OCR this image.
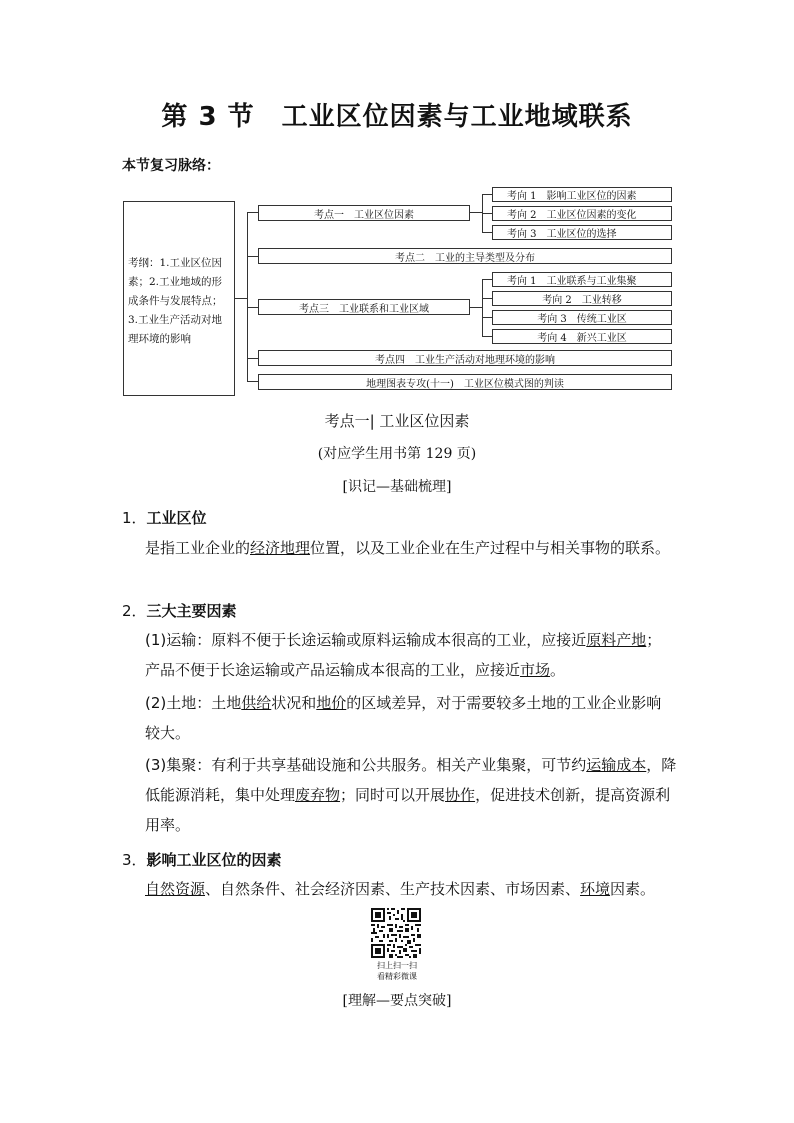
第 3 节　工业区位因素与工业地域联系
本节复习脉络：
考纲：1.工业区位因素；2.工业地域的形成条件与发展特点；3.工业生产活动对地理环境的影响
考点一　工业区位因素
考点二　工业的主导类型及分布
考点三　工业联系和工业区域
考点四　工业生产活动对地理环境的影响
地理图表专攻(十一)　工业区位模式图的判读
考向 1　影响工业区位的因素
考向 2　工业区位因素的变化
考向 3　工业区位的选择
考向 1　工业联系与工业集聚
考向 2　工业转移
考向 3　传统工业区
考向 4　新兴工业区
考点一| 工业区位因素
(对应学生用书第 129 页)
[识记—基础梳理]
1．工业区位
是指工业企业的经济地理位置，以及工业企业在生产过程中与相关事物的联系。
2．三大主要因素
(1)运输：原料不便于长途运输或原料运输成本很高的工业，应接近原料产地；产品不便于长途运输或产品运输成本很高的工业，应接近市场。
(2)土地：土地供给状况和地价的区域差异，对于需要较多土地的工业企业影响较大。
(3)集聚：有利于共享基础设施和公共服务。相关产业集聚，可节约运输成本，降低能源消耗，集中处理废弃物；同时可以开展协作，促进技术创新，提高资源利用率。
3．影响工业区位的因素
自然资源、自然条件、社会经济因素、生产技术因素、市场因素、环境因素。
扫上扫一扫
看精彩微课
[理解—要点突破]
